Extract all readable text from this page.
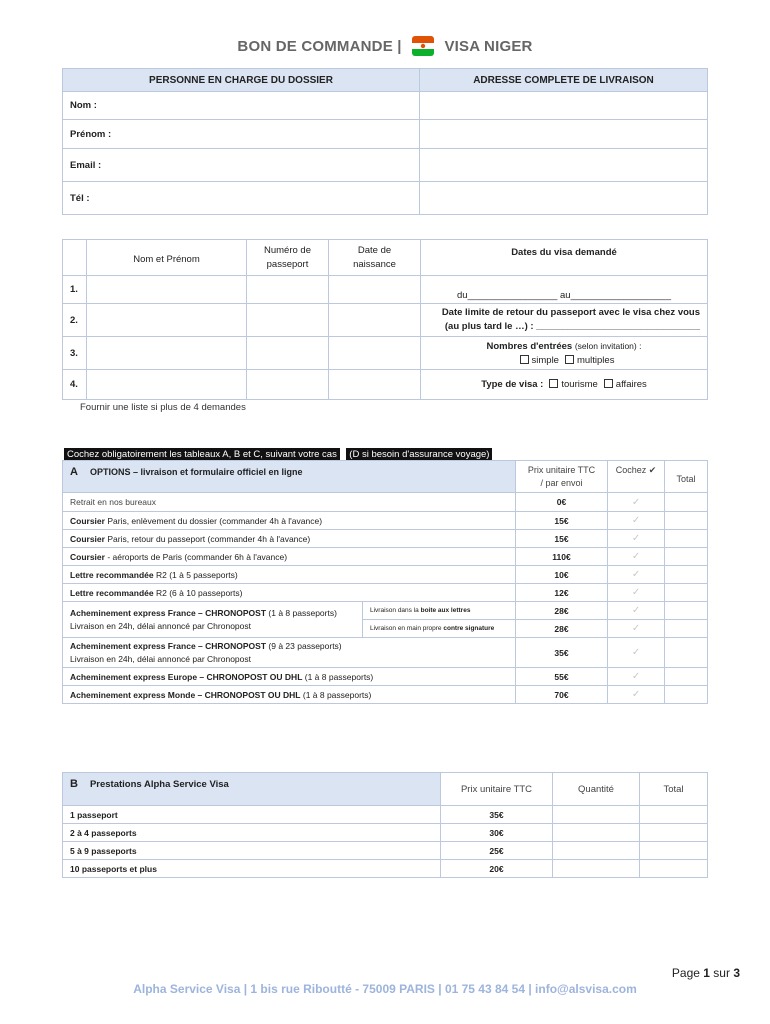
BON DE COMMANDE |	VISA NIGER
PERSONNE EN CHARGE DU DOSSIER	ADRESSE COMPLETE DE LIVRAISON
Nom :	
Prénom :	
Email :	
Tél :	
	Nom et Prénom	Numéro de passeport	Date de naissance	Dates du visa demandé
1.				du_________________ au___________________
2.				Date limite de retour du passeport avec le visa chez vous
(au plus tard le …) : _______________________________

3.				Nombres d'entrées (selon invitation) :
simple multiples

4.				Type de visa : tourisme affaires
Fournir une liste si plus de 4 demandes
Cochez obligatoirement les tableaux A, B et C, suivant votre cas (D si besoin d'assurance voyage)
A OPTIONS – livraison et formulaire officiel en ligne		Prix unitaire TTC
/ par envoi	Cochez ✔	Total
Retrait en nos bureaux		0€	✓	
Coursier Paris, enlèvement du dossier (commander 4h à l'avance)		15€	✓	
Coursier Paris, retour du passeport (commander 4h à l'avance)		15€	✓	
Coursier - aéroports de Paris (commander 6h à l'avance)		110€	✓	
Lettre recommandée R2 (1 à 5 passeports)		10€	✓	
Lettre recommandée R2 (6 à 10 passeports)		12€	✓	

Acheminement express France – CHRONOPOST (1 à 8 passeports)
Livraison en 24h, délai annoncé par Chronopost	Livraison dans la boite aux lettres	28€	✓	
	Livraison en main propre contre signature	28€	✓	

Acheminement express France – CHRONOPOST (9 à 23 passeports)
Livraison en 24h, délai annoncé par Chronopost		35€	✓	
Acheminement express Europe – CHRONOPOST OU DHL (1 à 8 passeports)		55€	✓	
Acheminement express Monde – CHRONOPOST OU DHL (1 à 8 passeports)		70€	✓	
B Prestations Alpha Service Visa	Prix unitaire TTC	Quantité	Total
1 passeport	35€		
2 à 4 passeports	30€		
5 à 9 passeports	25€		
10 passeports et plus	20€		
Page 1 sur 3
Alpha Service Visa | 1 bis rue Riboutté - 75009 PARIS | 01 75 43 84 54 | info@alsvisa.com
